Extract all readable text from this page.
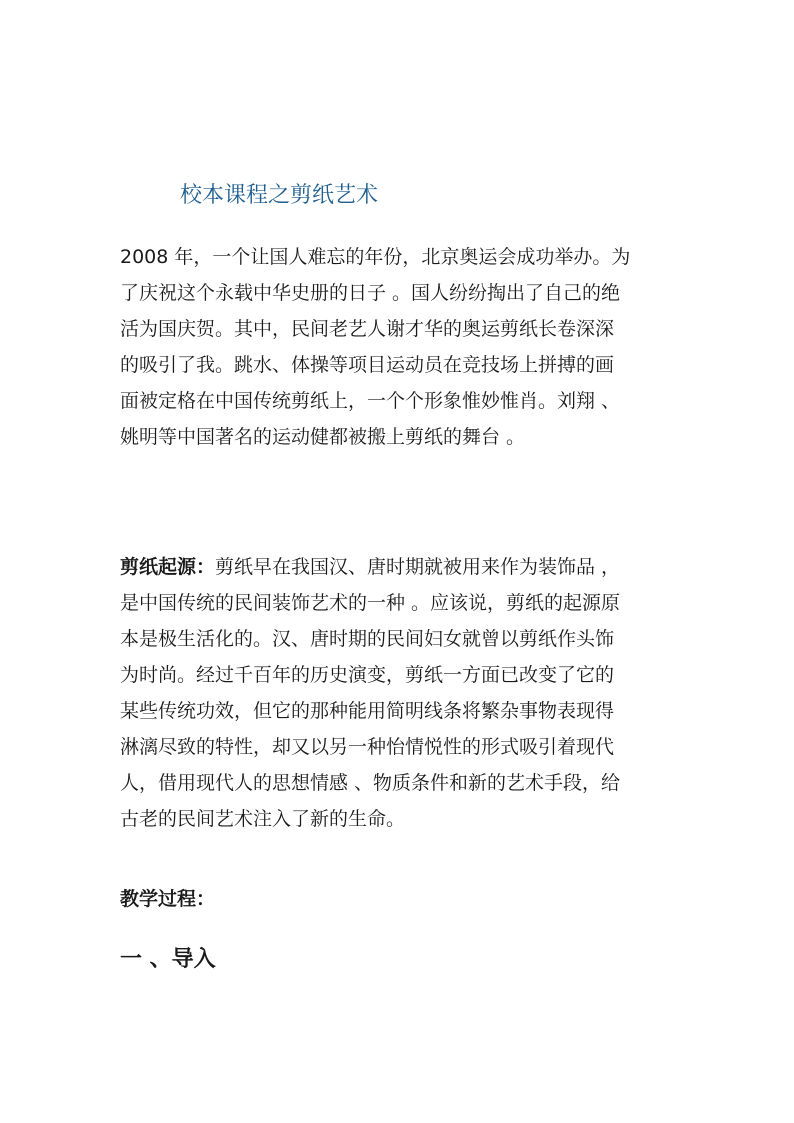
校本课程之剪纸艺术
2008 年，一个让国人难忘的年份，北京奥运会成功举办。为
了庆祝这个永载中华史册的日子 。国人纷纷掏出了自己的绝
活为国庆贺。其中，民间老艺人谢才华的奥运剪纸长卷深深
的吸引了我。跳水、体操等项目运动员在竞技场上拼搏的画
面被定格在中国传统剪纸上，一个个形象惟妙惟肖。刘翔 、
姚明等中国著名的运动健都被搬上剪纸的舞台 。
剪纸起源：剪纸早在我国汉、唐时期就被用来作为装饰品 ，
是中国传统的民间装饰艺术的一种 。应该说，剪纸的起源原
本是极生活化的。汉、唐时期的民间妇女就曾以剪纸作头饰
为时尚。经过千百年的历史演变，剪纸一方面已改变了它的
某些传统功效，但它的那种能用简明线条将繁杂事物表现得
淋漓尽致的特性，却又以另一种怡情悦性的形式吸引着现代
人，借用现代人的思想情感 、物质条件和新的艺术手段，给
古老的民间艺术注入了新的生命。
教学过程：
一 、导入
